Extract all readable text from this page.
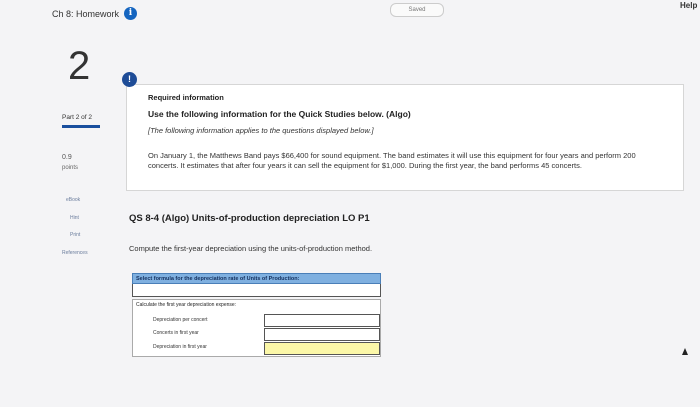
Ch 8: Homework	i	Saved	Help
2
Part 2 of 2
0.9
points
eBook
Hint
Print
References
!
Required information
Use the following information for the Quick Studies below. (Algo)
[The following information applies to the questions displayed below.]
On January 1, the Matthews Band pays $66,400 for sound equipment. The band estimates it will use this equipment for four years and perform 200 concerts. It estimates that after four years it can sell the equipment for $1,000. During the first year, the band performs 45 concerts.
QS 8-4 (Algo) Units-of-production depreciation LO P1
Compute the first-year depreciation using the units-of-production method.
Select formula for the depreciation rate of Units of Production:
Calculate the first year depreciation expense:
Depreciation per concert
Concerts in first year
Depreciation in first year
